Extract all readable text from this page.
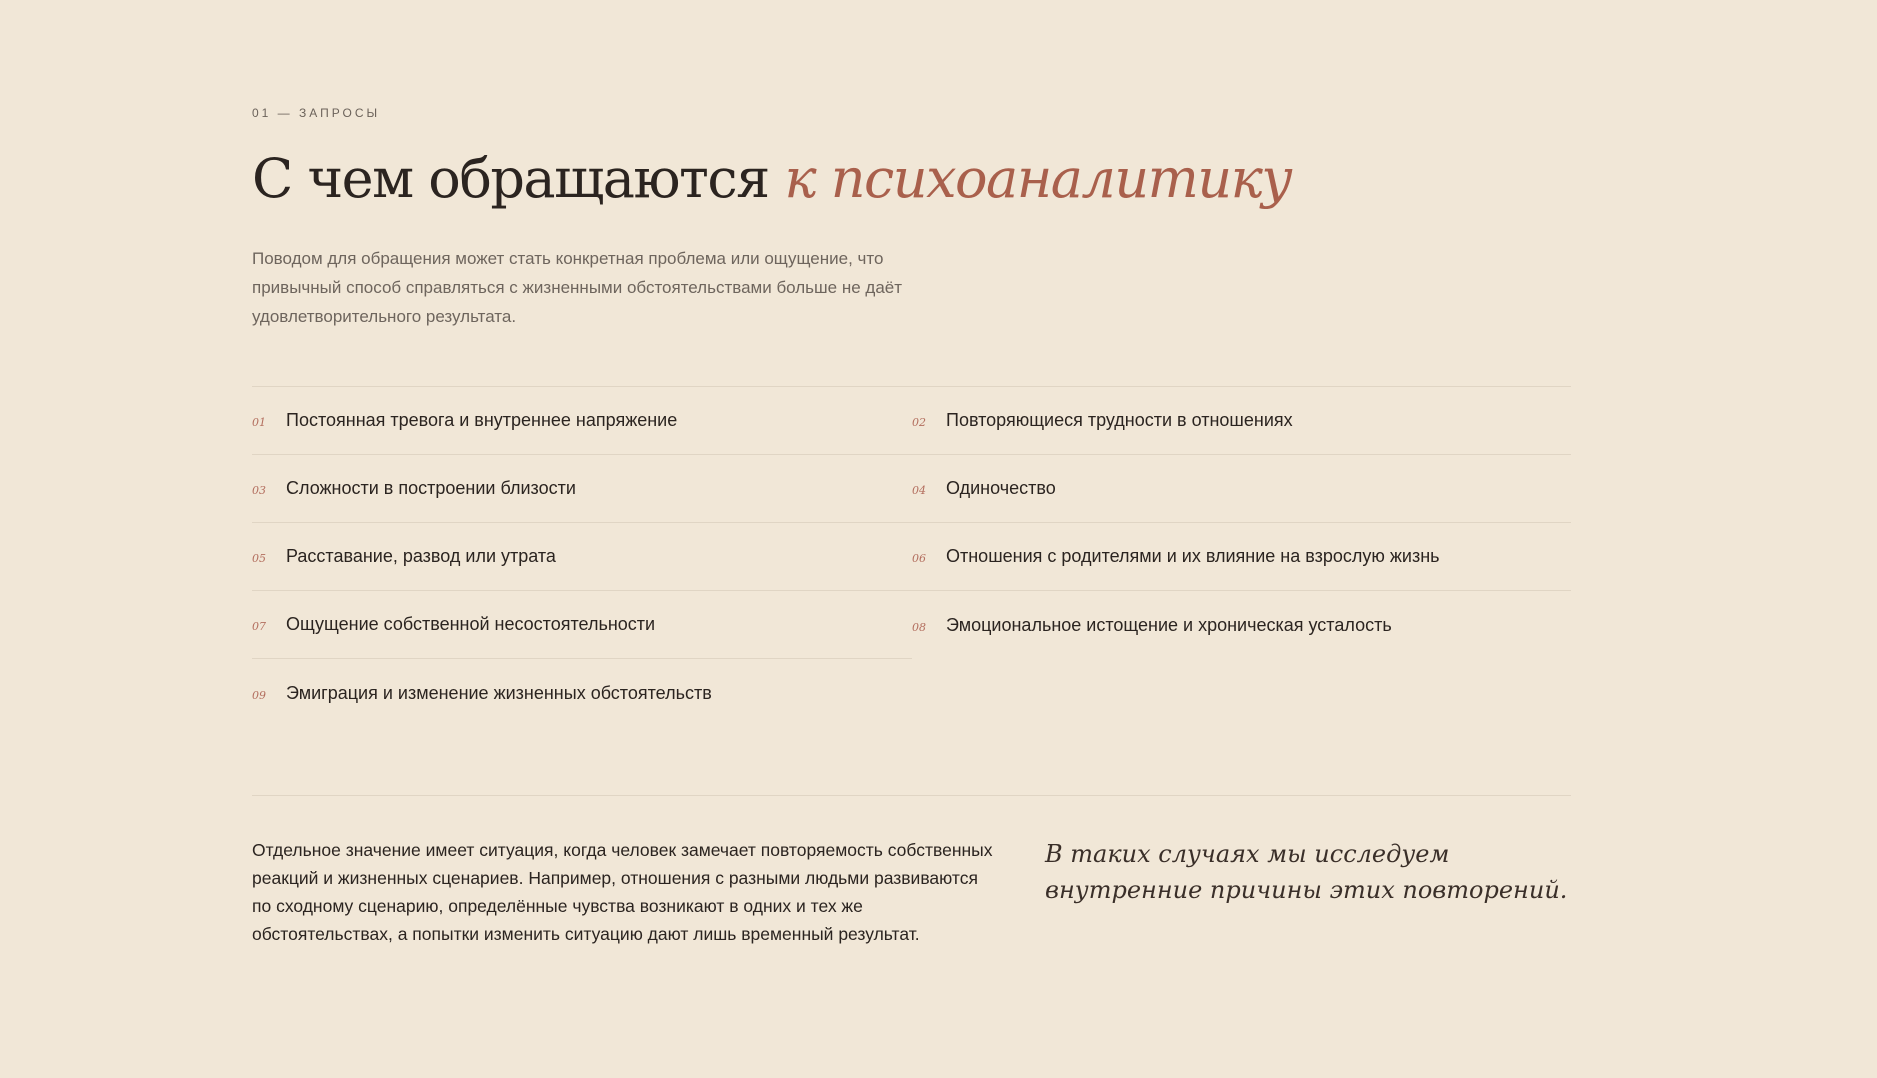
01 — ЗАПРОСЫ
С чем обращаются к психоаналитику

Поводом для обращения может стать конкретная проблема или ощущение, что привычный способ справляться с жизненными обстоятельствами больше не даёт удовлетворительного результата.

01	Постоянная тревога и внутреннее напряжение	02	Повторяющиеся трудности в отношениях
03	Сложности в построении близости	04	Одиночество
05	Расставание, развод или утрата	06	Отношения с родителями и их влияние на взрослую жизнь
07	Ощущение собственной несостоятельности	08	Эмоциональное истощение и хроническая усталость
09	Эмиграция и изменение жизненных обстоятельств

Отдельное значение имеет ситуация, когда человек замечает повторяемость собственных реакций и жизненных сценариев. Например, отношения с разными людьми развиваются по сходному сценарию, определённые чувства возникают в одних и тех же обстоятельствах, а попытки изменить ситуацию дают лишь временный результат.

В таких случаях мы исследуем внутренние причины этих повторений.
